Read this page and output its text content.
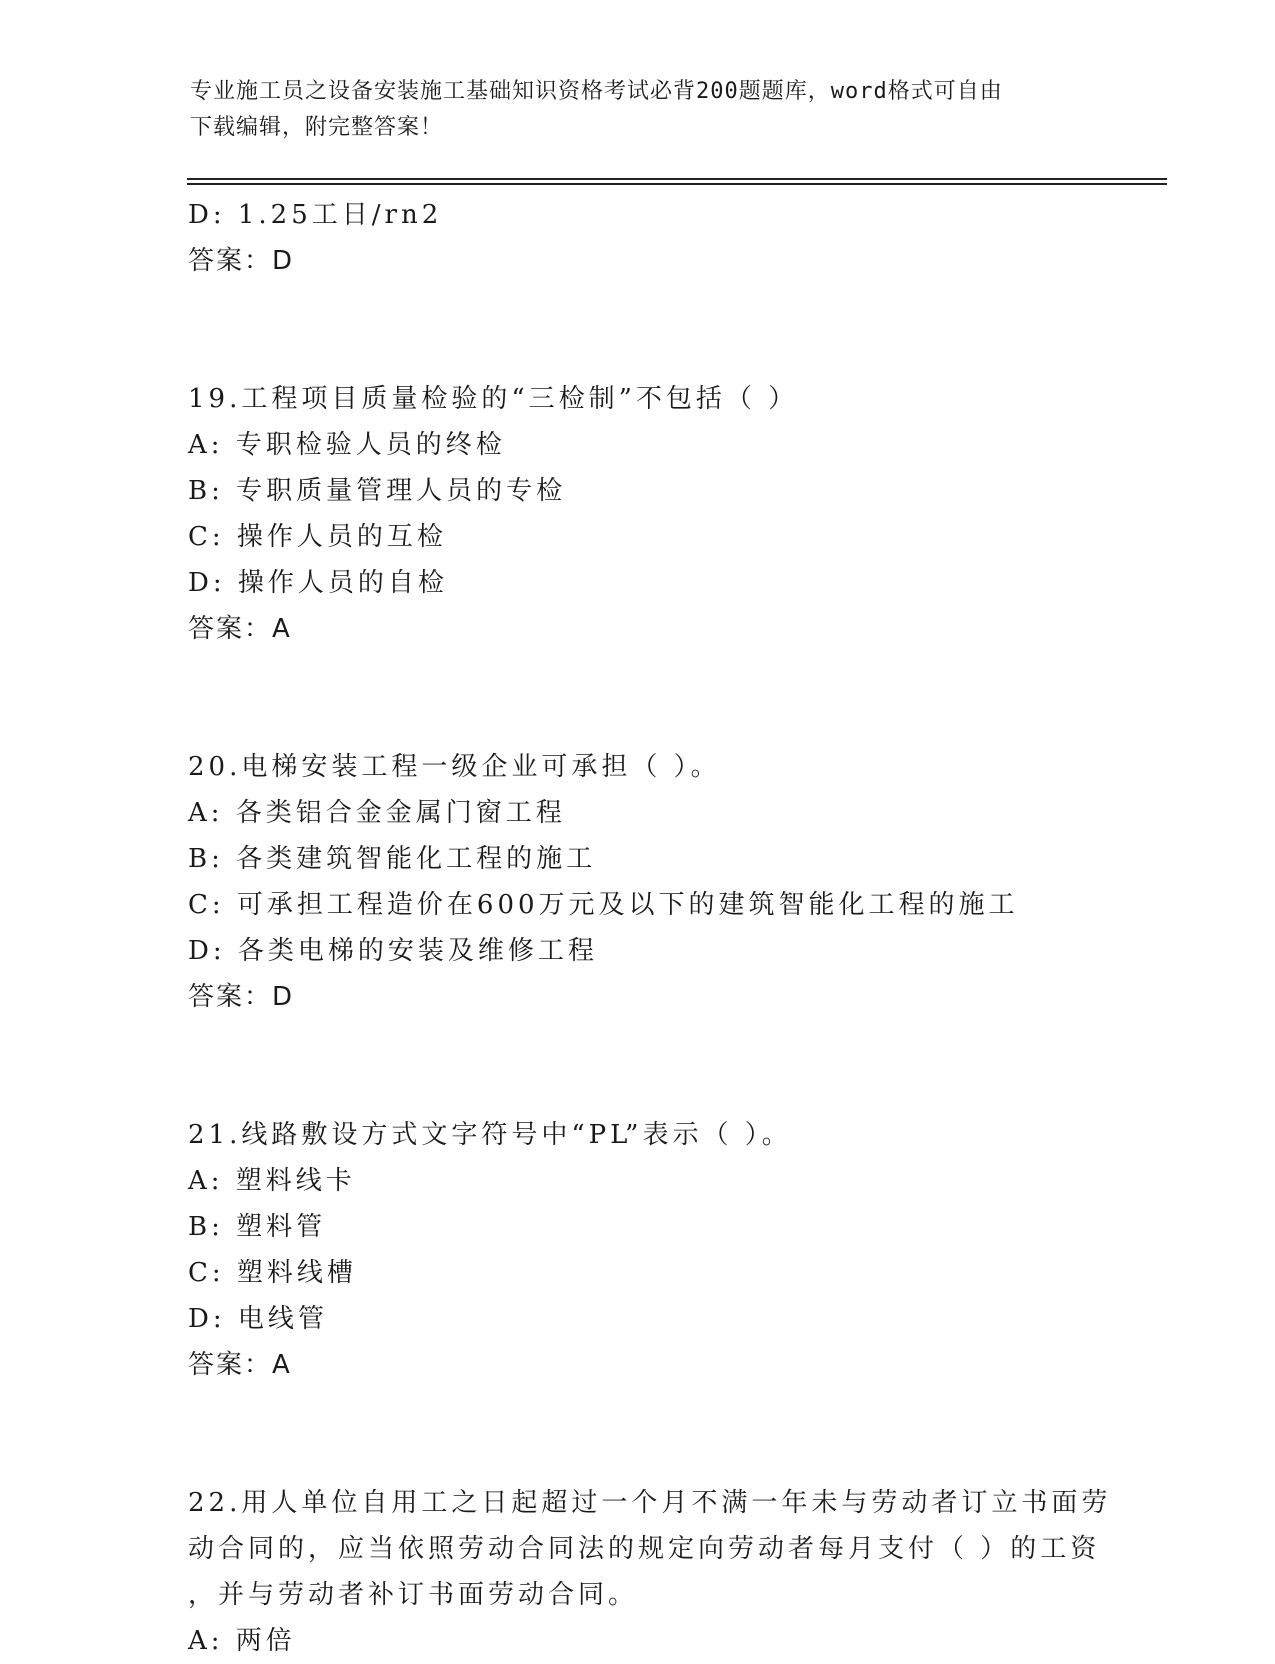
专业施工员之设备安装施工基础知识资格考试必背200题题库，word格式可自由
下载编辑，附完整答案！
D: 1.25工日/rn2
答案：D
19.工程项目质量检验的“三检制”不包括（ ）
A: 专职检验人员的终检
B: 专职质量管理人员的专检
C: 操作人员的互检
D: 操作人员的自检
答案：A
20.电梯安装工程一级企业可承担（ ）。
A: 各类铝合金金属门窗工程
B: 各类建筑智能化工程的施工
C: 可承担工程造价在600万元及以下的建筑智能化工程的施工
D: 各类电梯的安装及维修工程
答案：D
21.线路敷设方式文字符号中“PL”表示（ ）。
A: 塑料线卡
B: 塑料管
C: 塑料线槽
D: 电线管
答案：A
22.用人单位自用工之日起超过一个月不满一年未与劳动者订立书面劳
动合同的，应当依照劳动合同法的规定向劳动者每月支付（ ）的工资
，并与劳动者补订书面劳动合同。
A: 两倍
